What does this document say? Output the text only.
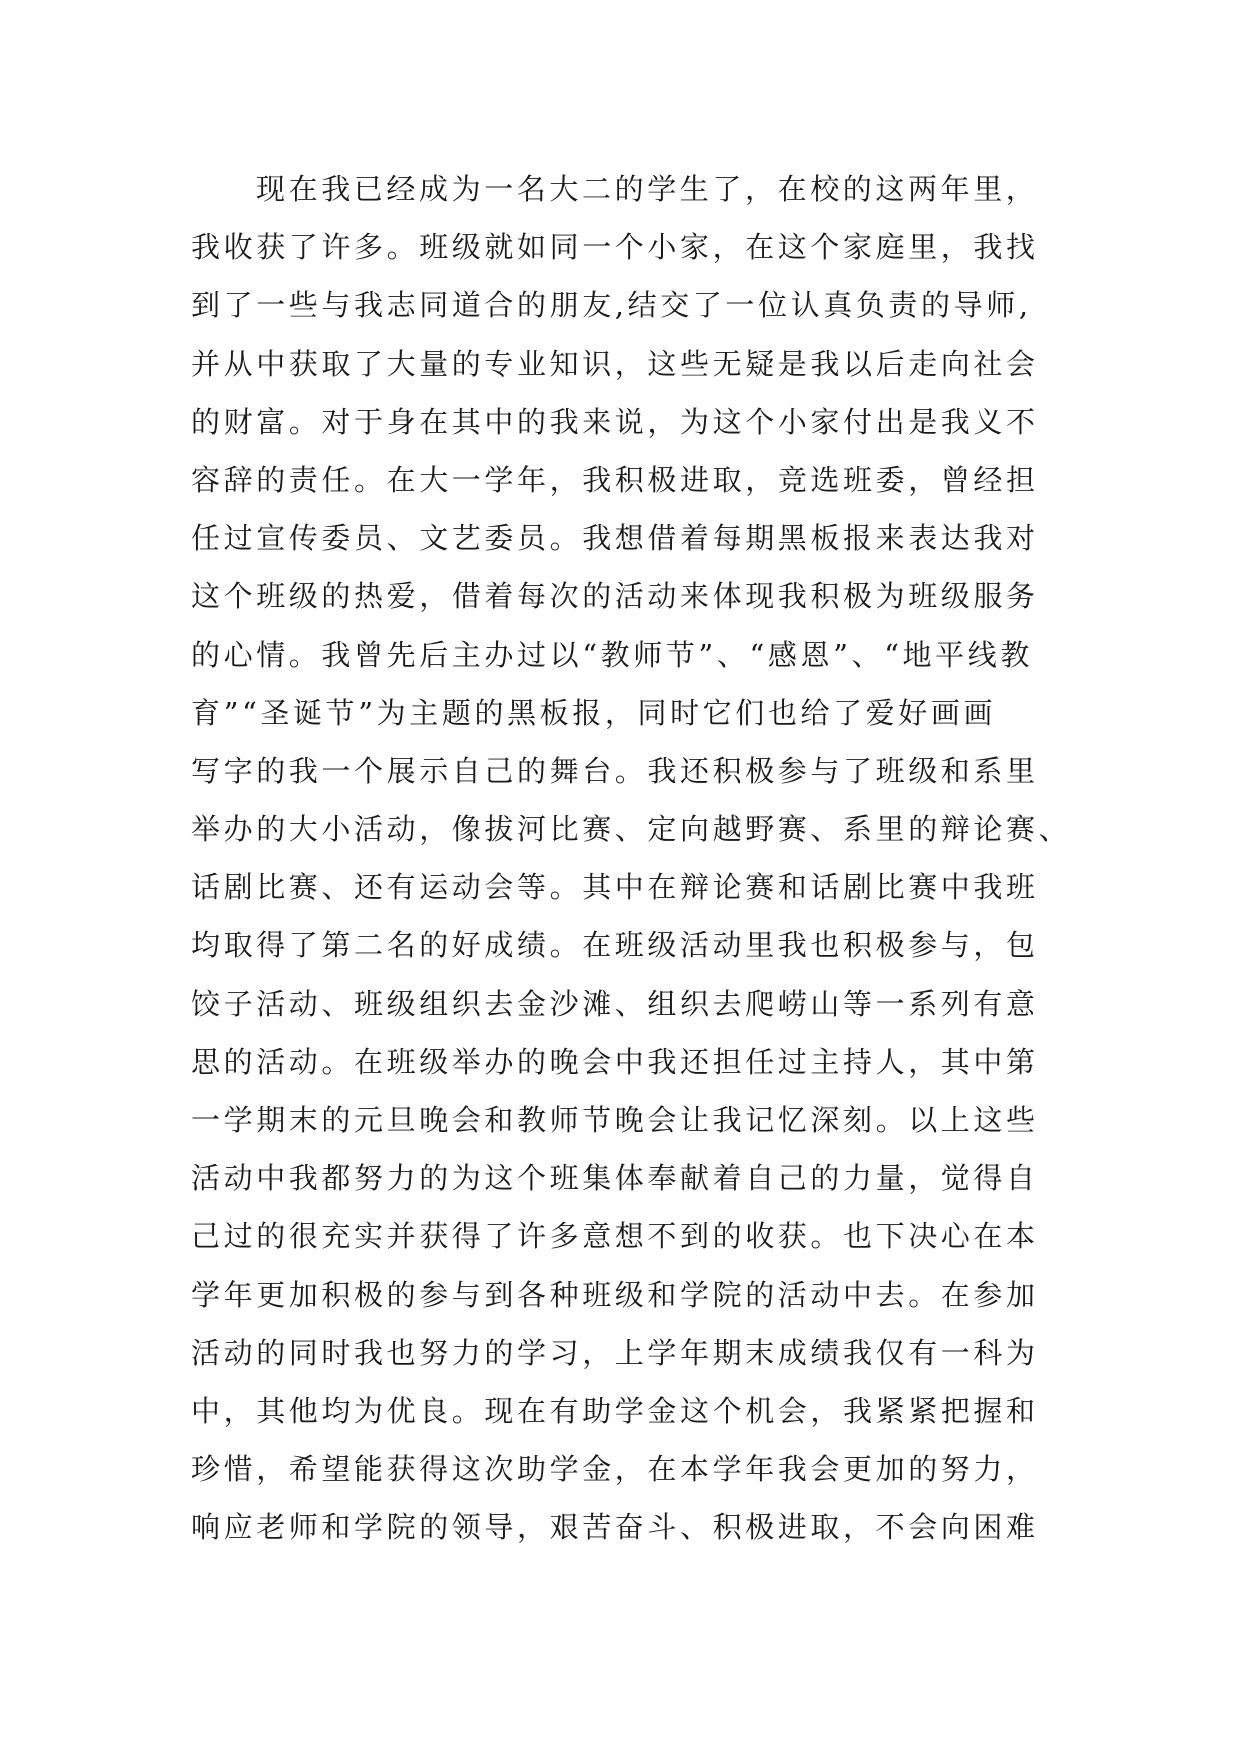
现在我已经成为一名大二的学生了，在校的这两年里，
我收获了许多。班级就如同一个小家，在这个家庭里，我找
到了一些与我志同道合的朋友,结交了一位认真负责的导师,
并从中获取了大量的专业知识，这些无疑是我以后走向社会
的财富。对于身在其中的我来说，为这个小家付出是我义不
容辞的责任。在大一学年，我积极进取，竞选班委，曾经担
任过宣传委员、文艺委员。我想借着每期黑板报来表达我对
这个班级的热爱，借着每次的活动来体现我积极为班级服务
的心情。我曾先后主办过以“教师节”、“感恩”、“地平线教
育”“圣诞节”为主题的黑板报，同时它们也给了爱好画画
写字的我一个展示自己的舞台。我还积极参与了班级和系里
举办的大小活动，像拔河比赛、定向越野赛、系里的辩论赛、
话剧比赛、还有运动会等。其中在辩论赛和话剧比赛中我班
均取得了第二名的好成绩。在班级活动里我也积极参与，包
饺子活动、班级组织去金沙滩、组织去爬崂山等一系列有意
思的活动。在班级举办的晚会中我还担任过主持人，其中第
一学期末的元旦晚会和教师节晚会让我记忆深刻。以上这些
活动中我都努力的为这个班集体奉献着自己的力量，觉得自
己过的很充实并获得了许多意想不到的收获。也下决心在本
学年更加积极的参与到各种班级和学院的活动中去。在参加
活动的同时我也努力的学习，上学年期末成绩我仅有一科为
中，其他均为优良。现在有助学金这个机会，我紧紧把握和
珍惜，希望能获得这次助学金，在本学年我会更加的努力，
响应老师和学院的领导，艰苦奋斗、积极进取，不会向困难
